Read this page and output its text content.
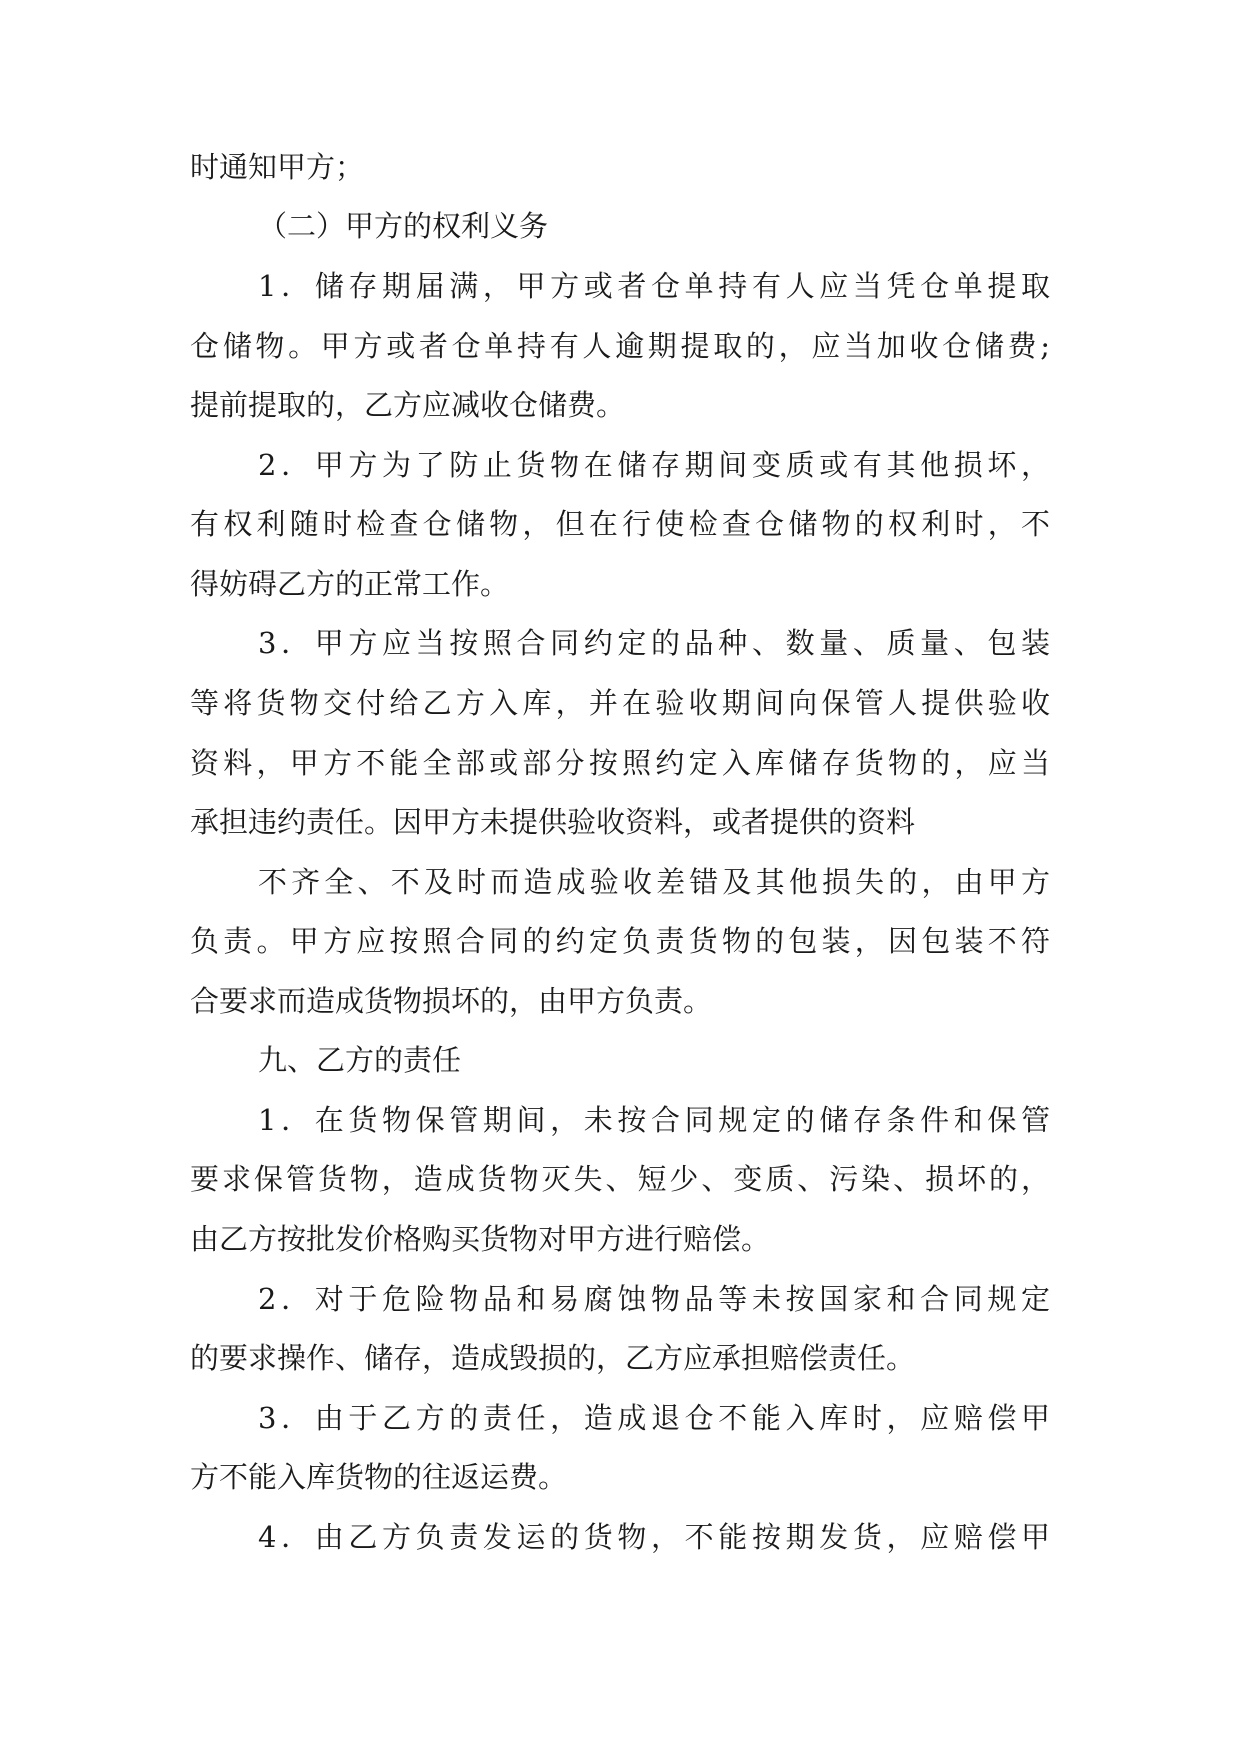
时通知甲方；

（二）甲方的权利义务

1．储存期届满，甲方或者仓单持有人应当凭仓单提取

仓储物。甲方或者仓单持有人逾期提取的，应当加收仓储费;

提前提取的，乙方应减收仓储费。

2．甲方为了防止货物在储存期间变质或有其他损坏，

有权利随时检查仓储物，但在行使检查仓储物的权利时，不

得妨碍乙方的正常工作。

3．甲方应当按照合同约定的品种、数量、质量、包装

等将货物交付给乙方入库，并在验收期间向保管人提供验收

资料，甲方不能全部或部分按照约定入库储存货物的，应当

承担违约责任。因甲方未提供验收资料，或者提供的资料

不齐全、不及时而造成验收差错及其他损失的，由甲方

负责。甲方应按照合同的约定负责货物的包装，因包装不符

合要求而造成货物损坏的，由甲方负责。

九、乙方的责任

1．在货物保管期间，未按合同规定的储存条件和保管

要求保管货物，造成货物灭失、短少、变质、污染、损坏的，

由乙方按批发价格购买货物对甲方进行赔偿。

2．对于危险物品和易腐蚀物品等未按国家和合同规定

的要求操作、储存，造成毁损的，乙方应承担赔偿责任。

3．由于乙方的责任，造成退仓不能入库时，应赔偿甲

方不能入库货物的往返运费。

4．由乙方负责发运的货物，不能按期发货，应赔偿甲
